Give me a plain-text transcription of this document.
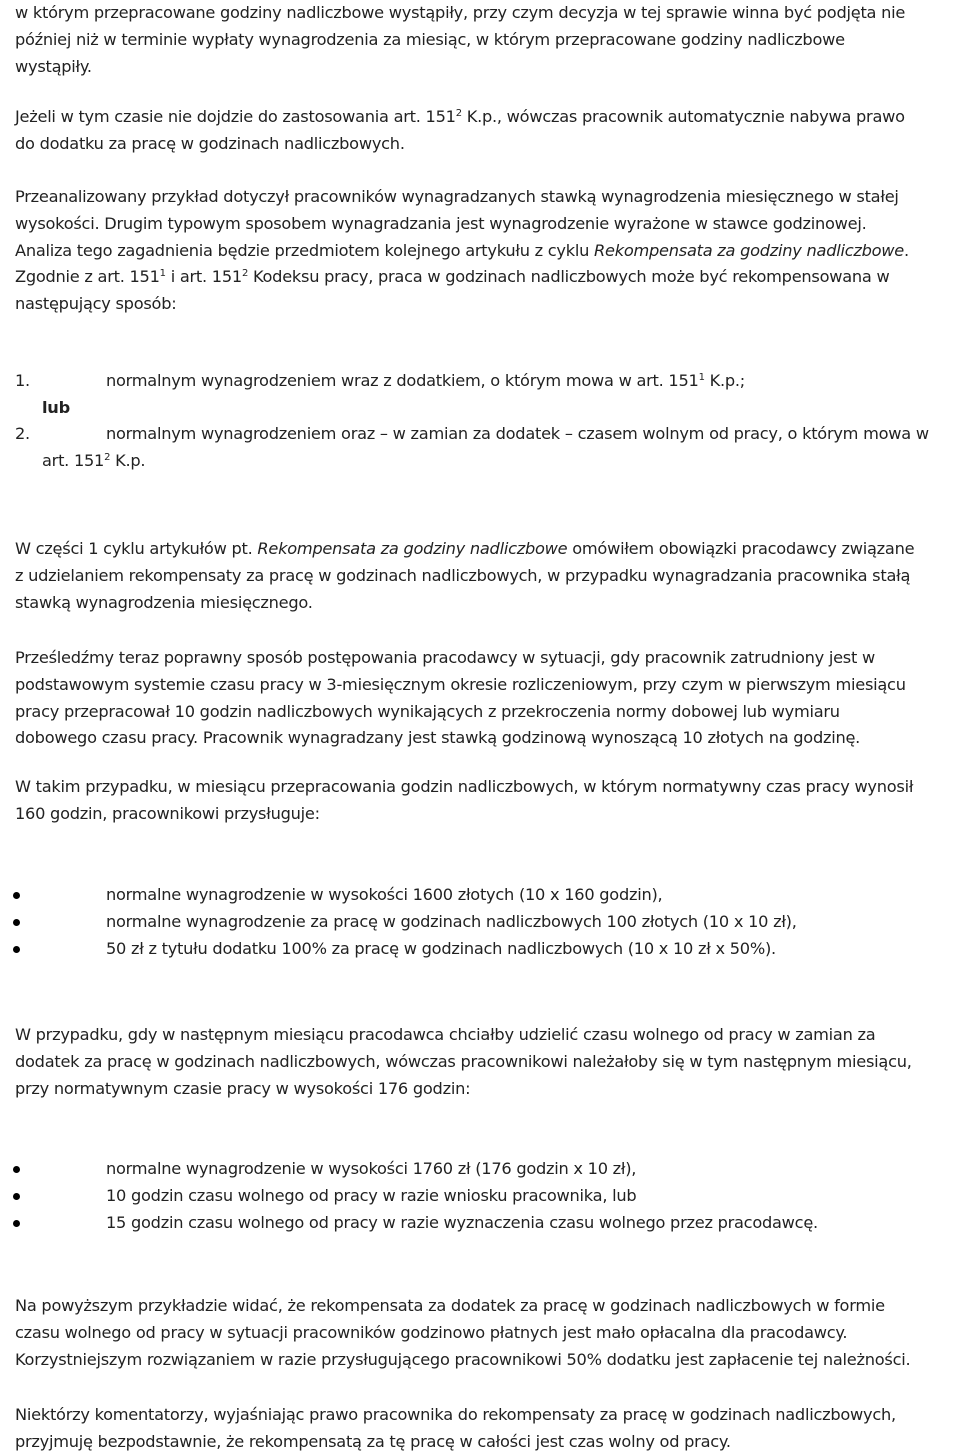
w którym przepracowane godziny nadliczbowe wystąpiły, przy czym decyzja w tej sprawie winna być podjęta nie
później niż w terminie wypłaty wynagrodzenia za miesiąc, w którym przepracowane godziny nadliczbowe
wystąpiły.

Jeżeli w tym czasie nie dojdzie do zastosowania art. $151^2$ K.p., wówczas pracownik automatycznie nabywa prawo
do dodatku za pracę w godzinach nadliczbowych.

Przeanalizowany przykład dotyczył pracowników wynagradzanych stawką wynagrodzenia miesięcznego w stałej
wysokości. Drugim typowym sposobem wynagradzania jest wynagrodzenie wyrażone w stawce godzinowej.
Analiza tego zagadnienia będzie przedmiotem kolejnego artykułu z cyklu Rekompensata za godziny nadliczbowe.
Zgodnie z art. $151^1$ i art. $151^2$ Kodeksu pracy, praca w godzinach nadliczbowych może być rekompensowana w
następujący sposób:

1.	normalnym wynagrodzeniem wraz z dodatkiem, o którym mowa w art. $151^1$ K.p.;
lub
2.	normalnym wynagrodzeniem oraz – w zamian za dodatek – czasem wolnym od pracy, o którym mowa w
art. $151^2$ K.p.

W części 1 cyklu artykułów pt. Rekompensata za godziny nadliczbowe omówiłem obowiązki pracodawcy związane
z udzielaniem rekompensaty za pracę w godzinach nadliczbowych, w przypadku wynagradzania pracownika stałą
stawką wynagrodzenia miesięcznego.

Prześledźmy teraz poprawny sposób postępowania pracodawcy w sytuacji, gdy pracownik zatrudniony jest w
podstawowym systemie czasu pracy w 3-miesięcznym okresie rozliczeniowym, przy czym w pierwszym miesiącu
pracy przepracował 10 godzin nadliczbowych wynikających z przekroczenia normy dobowej lub wymiaru
dobowego czasu pracy. Pracownik wynagradzany jest stawką godzinową wynoszącą 10 złotych na godzinę.

W takim przypadku, w miesiącu przepracowania godzin nadliczbowych, w którym normatywny czas pracy wynosił
160 godzin, pracownikowi przysługuje:

normalne wynagrodzenie w wysokości 1600 złotych (10 x 160 godzin),
normalne wynagrodzenie za pracę w godzinach nadliczbowych 100 złotych (10 x 10 zł),
50 zł z tytułu dodatku 100% za pracę w godzinach nadliczbowych (10 x 10 zł x 50%).

W przypadku, gdy w następnym miesiącu pracodawca chciałby udzielić czasu wolnego od pracy w zamian za
dodatek za pracę w godzinach nadliczbowych, wówczas pracownikowi należałoby się w tym następnym miesiącu,
przy normatywnym czasie pracy w wysokości 176 godzin:

normalne wynagrodzenie w wysokości 1760 zł (176 godzin x 10 zł),
10 godzin czasu wolnego od pracy w razie wniosku pracownika, lub
15 godzin czasu wolnego od pracy w razie wyznaczenia czasu wolnego przez pracodawcę.

Na powyższym przykładzie widać, że rekompensata za dodatek za pracę w godzinach nadliczbowych w formie
czasu wolnego od pracy w sytuacji pracowników godzinowo płatnych jest mało opłacalna dla pracodawcy.
Korzystniejszym rozwiązaniem w razie przysługującego pracownikowi 50% dodatku jest zapłacenie tej należności.

Niektórzy komentatorzy, wyjaśniając prawo pracownika do rekompensaty za pracę w godzinach nadliczbowych,
przyjmuję bezpodstawnie, że rekompensatą za tę pracę w całości jest czas wolny od pracy.
